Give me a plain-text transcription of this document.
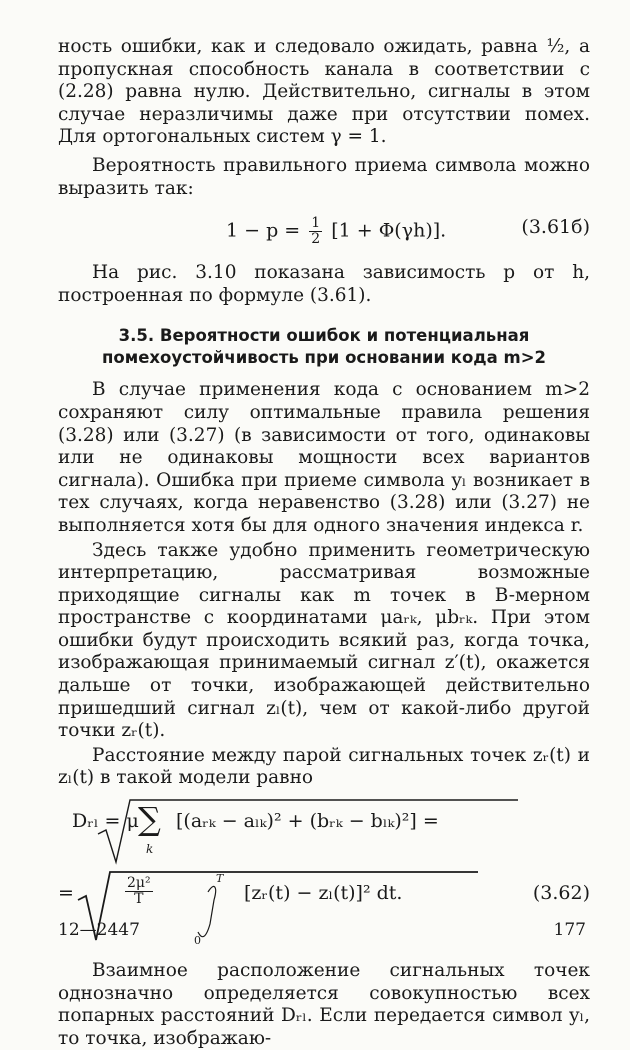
ность ошибки, как и следовало ожидать, равна ½, а пропускная способность канала в соответствии с (2.28) равна нулю. Действительно, сигналы в этом случае неразличимы даже при отсутствии помех. Для ортогональных систем γ = 1.

Вероятность правильного приема символа можно выразить так:

$1 - p = \frac{1}{2} [1 + \Phi(\gamma h)]$.	(3.61б)

На рис. 3.10 показана зависимость p от h, построенная по формуле (3.61).

3.5. Вероятности ошибок и потенциальная помехоустойчивость при основании кода m>2

В случае применения кода с основанием m>2 сохраняют силу оптимальные правила решения (3.28) или (3.27) (в зависимости от того, одинаковы или не одинаковы мощности всех вариантов сигнала). Ошибка при приеме символа yₗ возникает в тех случаях, когда неравенство (3.28) или (3.27) не выполняется хотя бы для одного значения индекса r.

Здесь также удобно применить геометрическую интерпретацию, рассматривая возможные приходящие сигналы как m точек в B-мерном пространстве с координатами μaᵣₖ, μbᵣₖ. При этом ошибки будут происходить всякий раз, когда точка, изображающая принимаемый сигнал z′(t), окажется дальше от точки, изображающей действительно пришедший сигнал zₗ(t), чем от какой-либо другой точки zᵣ(t).

Расстояние между парой сигнальных точек zᵣ(t) и zₗ(t) в такой модели равно

Dᵣₗ = μ ∑
k
[(aᵣₖ − aₗₖ)² + (bᵣₖ − bₗₖ)²] =
=	$\frac{\text{2μ²}}{T}$	T
0
[zᵣ(t) − zₗ(t)]² dt.	(3.62)

Взаимное расположение сигнальных точек однозначно определяется совокупностью всех попарных расстояний Dᵣₗ. Если передается символ yₗ, то точка, изображаю-

12—2447	177
